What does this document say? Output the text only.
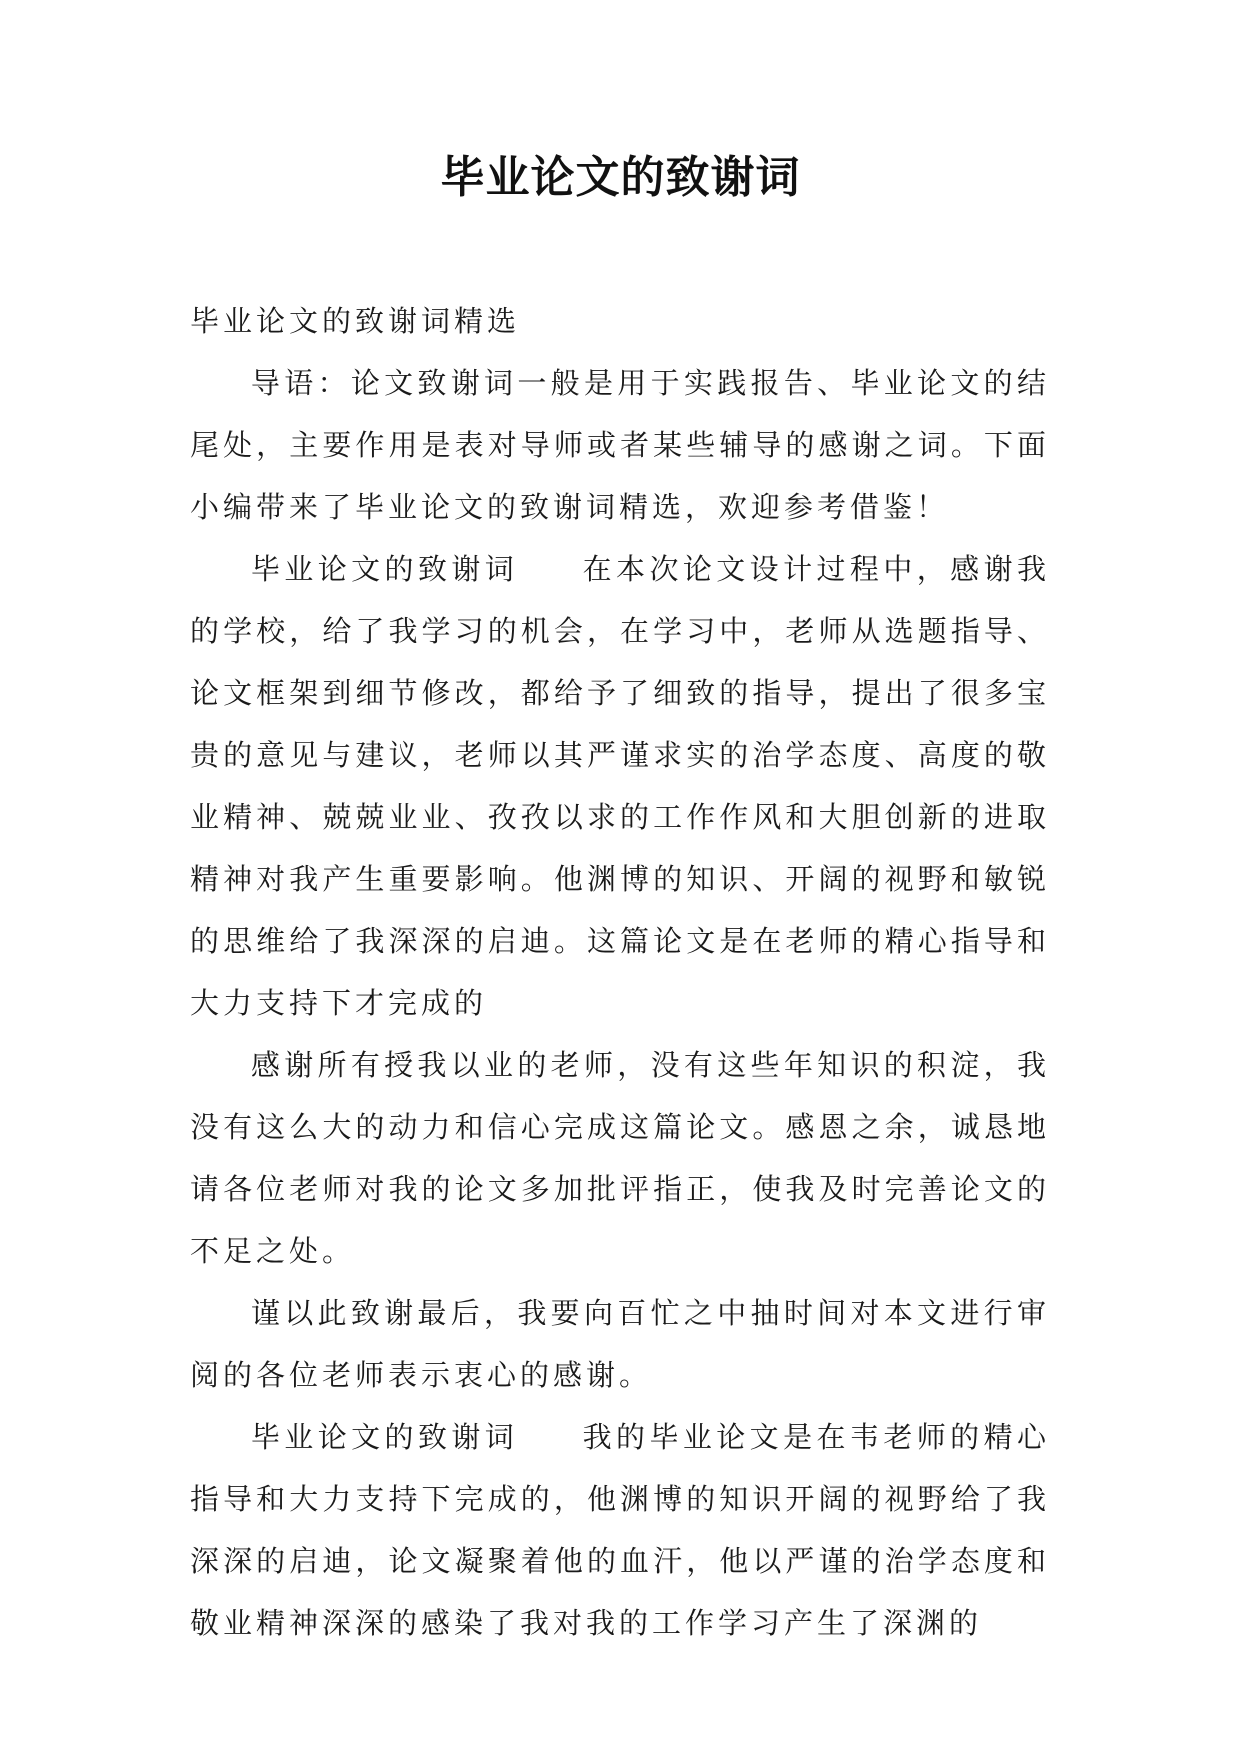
毕业论文的致谢词

毕业论文的致谢词精选

导语：论文致谢词一般是用于实践报告、毕业论文的结尾处，主要作用是表对导师或者某些辅导的感谢之词。下面小编带来了毕业论文的致谢词精选，欢迎参考借鉴！

毕业论文的致谢词 在本次论文设计过程中，感谢我的学校，给了我学习的机会，在学习中，老师从选题指导、论文框架到细节修改，都给予了细致的指导，提出了很多宝贵的意见与建议，老师以其严谨求实的治学态度、高度的敬业精神、兢兢业业、孜孜以求的工作作风和大胆创新的进取精神对我产生重要影响。他渊博的知识、开阔的视野和敏锐的思维给了我深深的启迪。这篇论文是在老师的精心指导和大力支持下才完成的

感谢所有授我以业的老师，没有这些年知识的积淀，我没有这么大的动力和信心完成这篇论文。感恩之余，诚恳地请各位老师对我的论文多加批评指正，使我及时完善论文的不足之处。

谨以此致谢最后，我要向百忙之中抽时间对本文进行审阅的各位老师表示衷心的感谢。

毕业论文的致谢词 我的毕业论文是在韦老师的精心指导和大力支持下完成的，他渊博的知识开阔的视野给了我深深的启迪，论文凝聚着他的血汗，他以严谨的治学态度和敬业精神深深的感染了我对我的工作学习产生了深渊的
